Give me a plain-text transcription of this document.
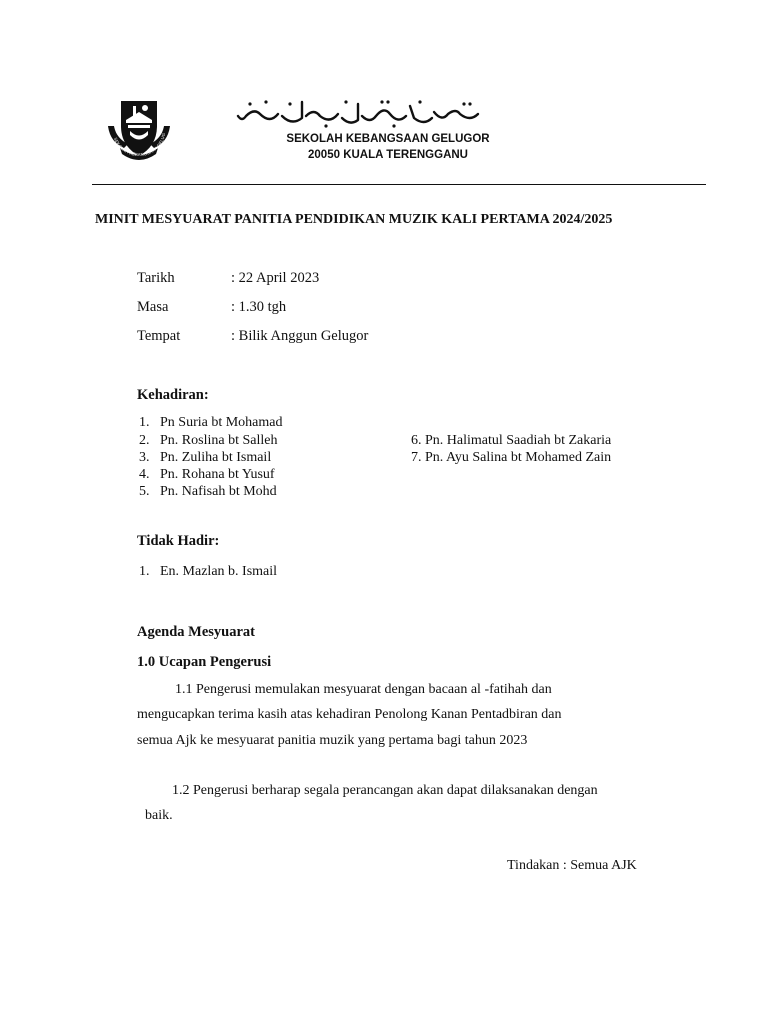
SEKOLAH KEBANGSAAN GELUG	SEKOLAH KEBANGSAAN GELUGOR
20050 KUALA TERENGGANU
MINIT MESYUARAT PANITIA PENDIDIKAN MUZIK KALI PERTAMA 2024/2025
Tarikh	: 22 April 2023
Masa	: 1.30 tgh
Tempat	: Bilik Anggun Gelugor
Kehadiran:
1. Pn Suria bt Mohamad
2. Pn. Roslina bt Salleh
3. Pn. Zuliha bt Ismail
4. Pn. Rohana bt Yusuf
5. Pn. Nafisah bt Mohd
6. Pn. Halimatul Saadiah bt Zakaria
7. Pn. Ayu Salina bt Mohamed Zain
Tidak Hadir:
1. En. Mazlan b. Ismail
Agenda Mesyuarat
1.0 Ucapan Pengerusi
1.1 Pengerusi memulakan mesyuarat dengan bacaan al -fatihah dan
mengucapkan terima kasih atas kehadiran Penolong Kanan Pentadbiran dan
semua Ajk ke mesyuarat panitia muzik yang pertama bagi tahun 2023
1.2 Pengerusi berharap segala perancangan akan dapat dilaksanakan dengan
baik.
Tindakan : Semua AJK
